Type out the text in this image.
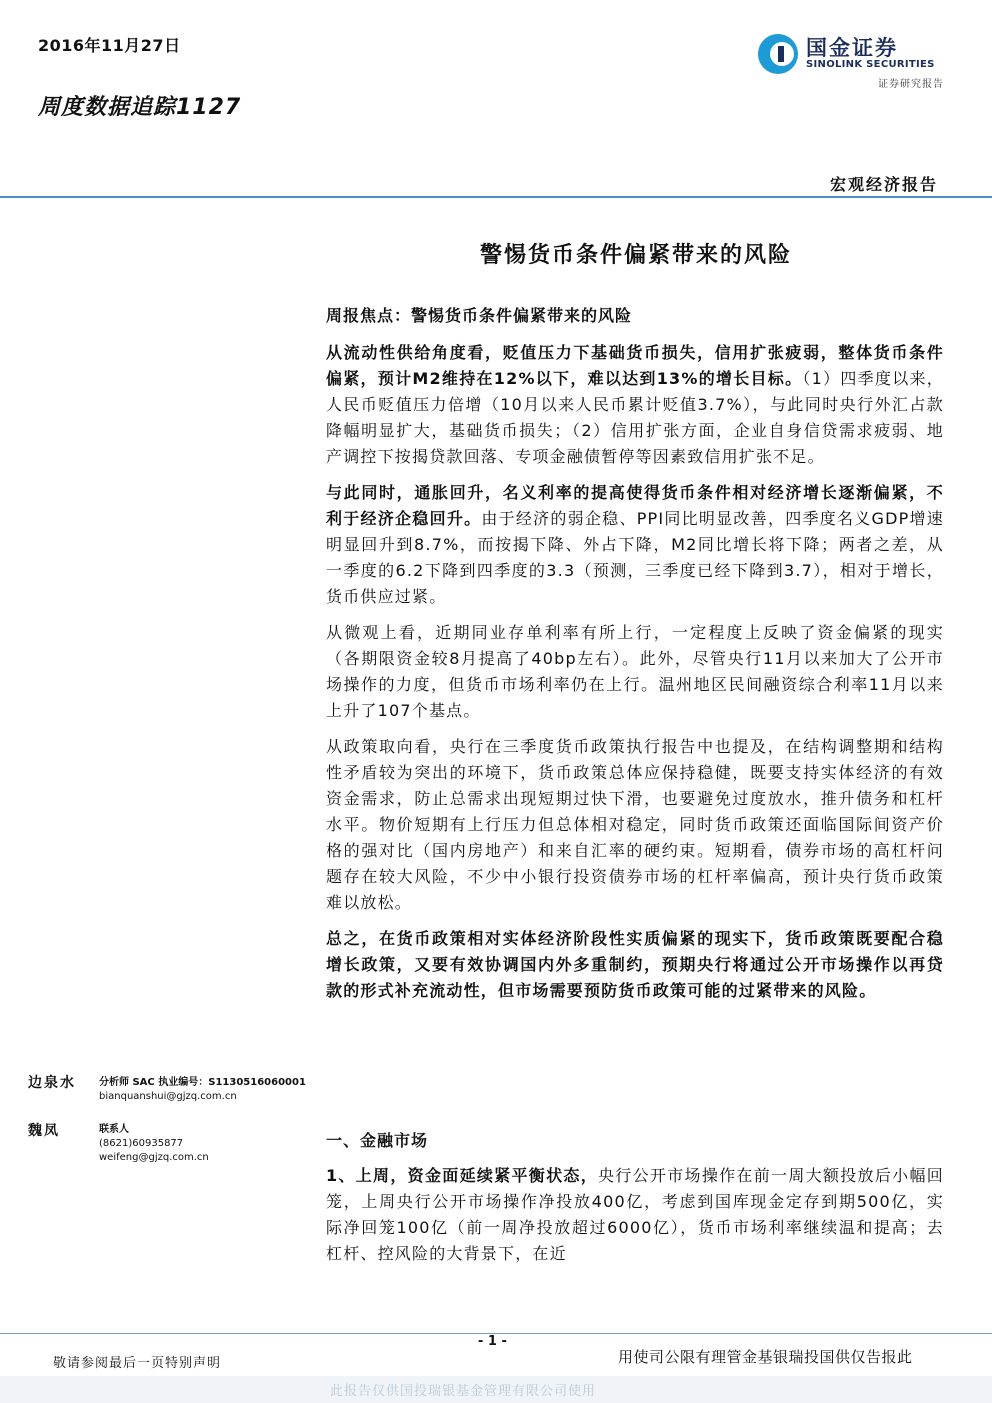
2016年11月27日
周度数据追踪1127
国金证券
SINOLINK SECURITIES
证券研究报告
宏观经济报告
警惕货币条件偏紧带来的风险

周报焦点：警惕货币条件偏紧带来的风险

从流动性供给角度看，贬值压力下基础货币损失，信用扩张疲弱，整体货币条件偏紧，预计M2维持在12%以下，难以达到13%的增长目标。（1）四季度以来，人民币贬值压力倍增（10月以来人民币累计贬值3.7%），与此同时央行外汇占款降幅明显扩大，基础货币损失；（2）信用扩张方面，企业自身信贷需求疲弱、地产调控下按揭贷款回落、专项金融债暂停等因素致信用扩张不足。

与此同时，通胀回升，名义利率的提高使得货币条件相对经济增长逐渐偏紧，不利于经济企稳回升。由于经济的弱企稳、PPI同比明显改善，四季度名义GDP增速明显回升到8.7%，而按揭下降、外占下降，M2同比增长将下降；两者之差，从一季度的6.2下降到四季度的3.3（预测，三季度已经下降到3.7），相对于增长，货币供应过紧。

从微观上看，近期同业存单利率有所上行，一定程度上反映了资金偏紧的现实（各期限资金较8月提高了40bp左右）。此外，尽管央行11月以来加大了公开市场操作的力度，但货币市场利率仍在上行。温州地区民间融资综合利率11月以来上升了107个基点。

从政策取向看，央行在三季度货币政策执行报告中也提及，在结构调整期和结构性矛盾较为突出的环境下，货币政策总体应保持稳健，既要支持实体经济的有效资金需求，防止总需求出现短期过快下滑，也要避免过度放水，推升债务和杠杆水平。物价短期有上行压力但总体相对稳定，同时货币政策还面临国际间资产价格的强对比（国内房地产）和来自汇率的硬约束。短期看，债券市场的高杠杆问题存在较大风险，不少中小银行投资债券市场的杠杆率偏高，预计央行货币政策难以放松。

总之，在货币政策相对实体经济阶段性实质偏紧的现实下，货币政策既要配合稳增长政策，又要有效协调国内外多重制约，预期央行将通过公开市场操作以再贷款的形式补充流动性，但市场需要预防货币政策可能的过紧带来的风险。

边泉水 分析师 SAC 执业编号：S1130516060001
bianquanshui@gjzq.com.cn
魏凤	联系人
(8621)60935877
weifeng@gjzq.com.cn
一、金融市场

1、上周，资金面延续紧平衡状态，央行公开市场操作在前一周大额投放后小幅回笼，上周央行公开市场操作净投放400亿，考虑到国库现金定存到期500亿，实际净回笼100亿（前一周净投放超过6000亿），货币市场利率继续温和提高；去杠杆、控风险的大背景下，在近

- 1 -
敬请参阅最后一页特别声明	用使司公限有理管金基银瑞投国供仅告报此
此报告仅供国投瑞银基金管理有限公司使用
